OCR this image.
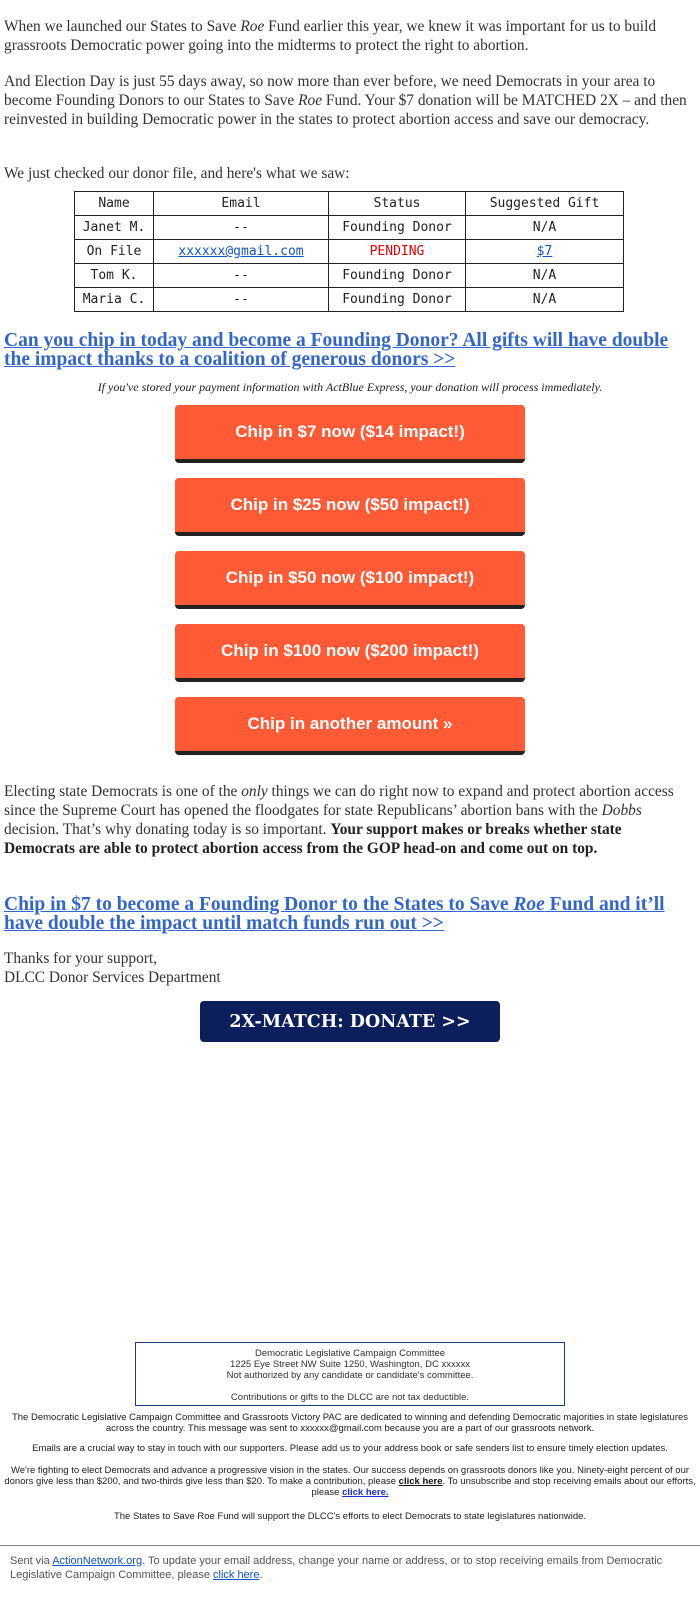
When we launched our States to Save Roe Fund earlier this year, we knew it was important for us to build grassroots Democratic power going into the midterms to protect the right to abortion.

And Election Day is just 55 days away, so now more than ever before, we need Democrats in your area to become Founding Donors to our States to Save Roe Fund. Your $7 donation will be MATCHED 2X – and then reinvested in building Democratic power in the states to protect abortion access and save our democracy.

We just checked our donor file, and here's what we saw:

Name	Email	Status	Suggested Gift
Janet M.	--	Founding Donor	N/A
On File	xxxxxx@gmail.com	PENDING	$7
Tom K.	--	Founding Donor	N/A
Maria C.	--	Founding Donor	N/A

Can you chip in today and become a Founding Donor? All gifts will have double the impact thanks to a coalition of generous donors >>

If you've stored your payment information with ActBlue Express, your donation will process immediately.

Chip in $7 now ($14 impact!)
Chip in $25 now ($50 impact!)
Chip in $50 now ($100 impact!)
Chip in $100 now ($200 impact!)
Chip in another amount »

Electing state Democrats is one of the only things we can do right now to expand and protect abortion access since the Supreme Court has opened the floodgates for state Republicans’ abortion bans with the Dobbs decision. That’s why donating today is so important. Your support makes or breaks whether state Democrats are able to protect abortion access from the GOP head-on and come out on top.

Chip in $7 to become a Founding Donor to the States to Save Roe Fund and it’ll have double the impact until match funds run out >>

Thanks for your support,

DLCC Donor Services Department

2X-MATCH: DONATE >>
Democratic Legislative Campaign Committee
1225 Eye Street NW Suite 1250, Washington, DC xxxxxx
Not authorized by any candidate or candidate's committee.
Contributions or gifts to the DLCC are not tax deductible.

The Democratic Legislative Campaign Committee and Grassroots Victory PAC are dedicated to winning and defending Democratic majorities in state legislatures across the country. This message was sent to xxxxxx@gmail.com because you are a part of our grassroots network.

Emails are a crucial way to stay in touch with our supporters. Please add us to your address book or safe senders list to ensure timely election updates.

We're fighting to elect Democrats and advance a progressive vision in the states. Our success depends on grassroots donors like you. Ninety-eight percent of our donors give less than $200, and two-thirds give less than $20. To make a contribution, please click here. To unsubscribe and stop receiving emails about our efforts, please click here.

The States to Save Roe Fund will support the DLCC's efforts to elect Democrats to state legislatures nationwide.

Sent via ActionNetwork.org. To update your email address, change your name or address, or to stop receiving emails from Democratic Legislative Campaign Committee, please click here.
